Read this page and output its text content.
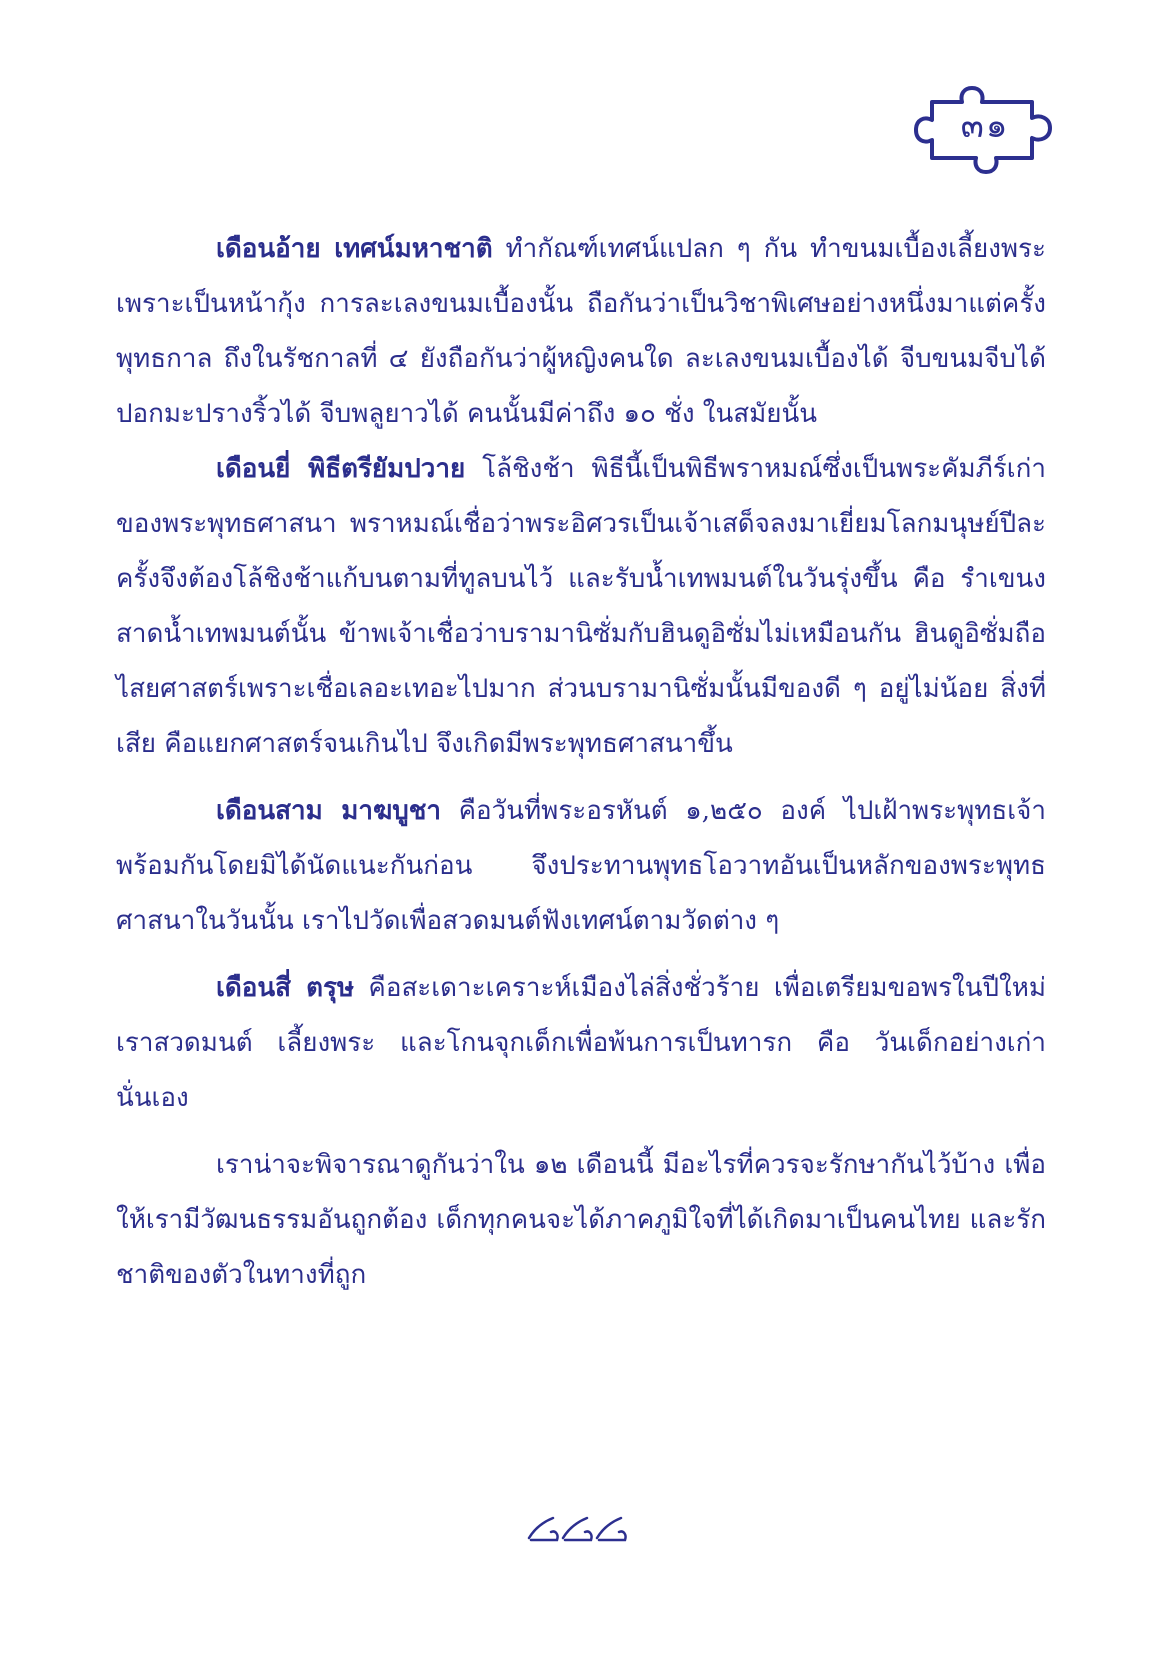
๓๑

เดือนอ้าย เทศน์มหาชาติ ทำกัณฑ์เทศน์แปลก ๆ กัน ทำขนมเบื้องเลี้ยงพระเพราะเป็นหน้ากุ้ง การละเลงขนมเบื้องนั้น ถือกันว่าเป็นวิชาพิเศษอย่างหนึ่งมาแต่ครั้งพุทธกาล ถึงในรัชกาลที่ ๔ ยังถือกันว่าผู้หญิงคนใด ละเลงขนมเบื้องได้ จีบขนมจีบได้ ปอกมะปรางริ้วได้ จีบพลูยาวได้ คนนั้นมีค่าถึง ๑๐ ชั่ง ในสมัยนั้น

เดือนยี่ พิธีตรียัมปวาย โล้ชิงช้า พิธีนี้เป็นพิธีพราหมณ์ซึ่งเป็นพระคัมภีร์เก่าของพระพุทธศาสนา พราหมณ์เชื่อว่าพระอิศวรเป็นเจ้าเสด็จลงมาเยี่ยมโลกมนุษย์ปีละครั้งจึงต้องโล้ชิงช้าแก้บนตามที่ทูลบนไว้ และรับน้ำเทพมนต์ในวันรุ่งขึ้น คือ รำเขนงสาดน้ำเทพมนต์นั้น ข้าพเจ้าเชื่อว่าบรามานิซั่มกับฮินดูอิซั่มไม่เหมือนกัน ฮินดูอิซั่มถือไสยศาสตร์เพราะเชื่อเลอะเทอะไปมาก ส่วนบรามานิซั่มนั้นมีของดี ๆ อยู่ไม่น้อย สิ่งที่เสีย คือแยกศาสตร์จนเกินไป จึงเกิดมีพระพุทธศาสนาขึ้น

เดือนสาม มาฆบูชา คือวันที่พระอรหันต์ ๑,๒๕๐ องค์ ไปเฝ้าพระพุทธเจ้าพร้อมกันโดยมิได้นัดแนะกันก่อน จึงประทานพุทธโอวาทอันเป็นหลักของพระพุทธศาสนาในวันนั้น เราไปวัดเพื่อสวดมนต์ฟังเทศน์ตามวัดต่าง ๆ

เดือนสี่ ตรุษ คือสะเดาะเคราะห์เมืองไล่สิ่งชั่วร้าย เพื่อเตรียมขอพรในปีใหม่ เราสวดมนต์ เลี้ยงพระ และโกนจุกเด็กเพื่อพ้นการเป็นทารก คือ วันเด็กอย่างเก่านั่นเอง

เราน่าจะพิจารณาดูกันว่าใน ๑๒ เดือนนี้ มีอะไรที่ควรจะรักษากันไว้บ้าง เพื่อให้เรามีวัฒนธรรมอันถูกต้อง เด็กทุกคนจะได้ภาคภูมิใจที่ได้เกิดมาเป็นคนไทย และรักชาติของตัวในทางที่ถูก
